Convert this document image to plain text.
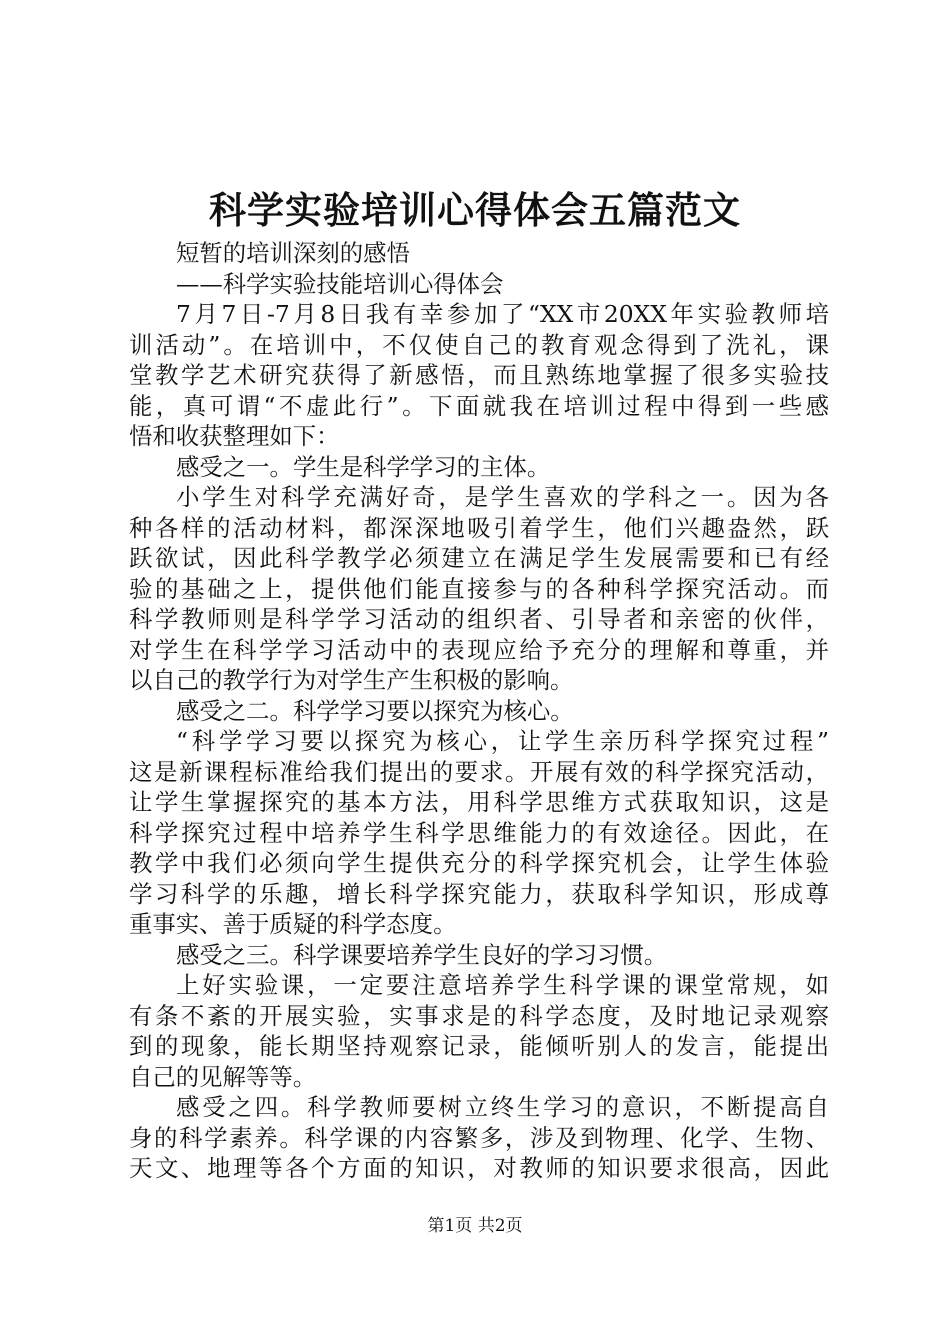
科学实验培训心得体会五篇范文
短暂的培训深刻的感悟
——科学实验技能培训心得体会
7月7日-7月8日我有幸参加了“XX市20XX年实验教师培
训活动”。在培训中，不仅使自己的教育观念得到了洗礼，课
堂教学艺术研究获得了新感悟，而且熟练地掌握了很多实验技
能，真可谓“不虚此行”。下面就我在培训过程中得到一些感
悟和收获整理如下：
感受之一。学生是科学学习的主体。
小学生对科学充满好奇，是学生喜欢的学科之一。因为各
种各样的活动材料，都深深地吸引着学生，他们兴趣盎然，跃
跃欲试，因此科学教学必须建立在满足学生发展需要和已有经
验的基础之上，提供他们能直接参与的各种科学探究活动。而
科学教师则是科学学习活动的组织者、引导者和亲密的伙伴，
对学生在科学学习活动中的表现应给予充分的理解和尊重，并
以自己的教学行为对学生产生积极的影响。
感受之二。科学学习要以探究为核心。
“科学学习要以探究为核心，让学生亲历科学探究过程”
这是新课程标准给我们提出的要求。开展有效的科学探究活动，
让学生掌握探究的基本方法，用科学思维方式获取知识，这是
科学探究过程中培养学生科学思维能力的有效途径。因此，在
教学中我们必须向学生提供充分的科学探究机会，让学生体验
学习科学的乐趣，增长科学探究能力，获取科学知识，形成尊
重事实、善于质疑的科学态度。
感受之三。科学课要培养学生良好的学习习惯。
上好实验课，一定要注意培养学生科学课的课堂常规，如
有条不紊的开展实验，实事求是的科学态度，及时地记录观察
到的现象，能长期坚持观察记录，能倾听别人的发言，能提出
自己的见解等等。
感受之四。科学教师要树立终生学习的意识，不断提高自
身的科学素养。科学课的内容繁多，涉及到物理、化学、生物、
天文、地理等各个方面的知识，对教师的知识要求很高，因此
第1页 共2页
